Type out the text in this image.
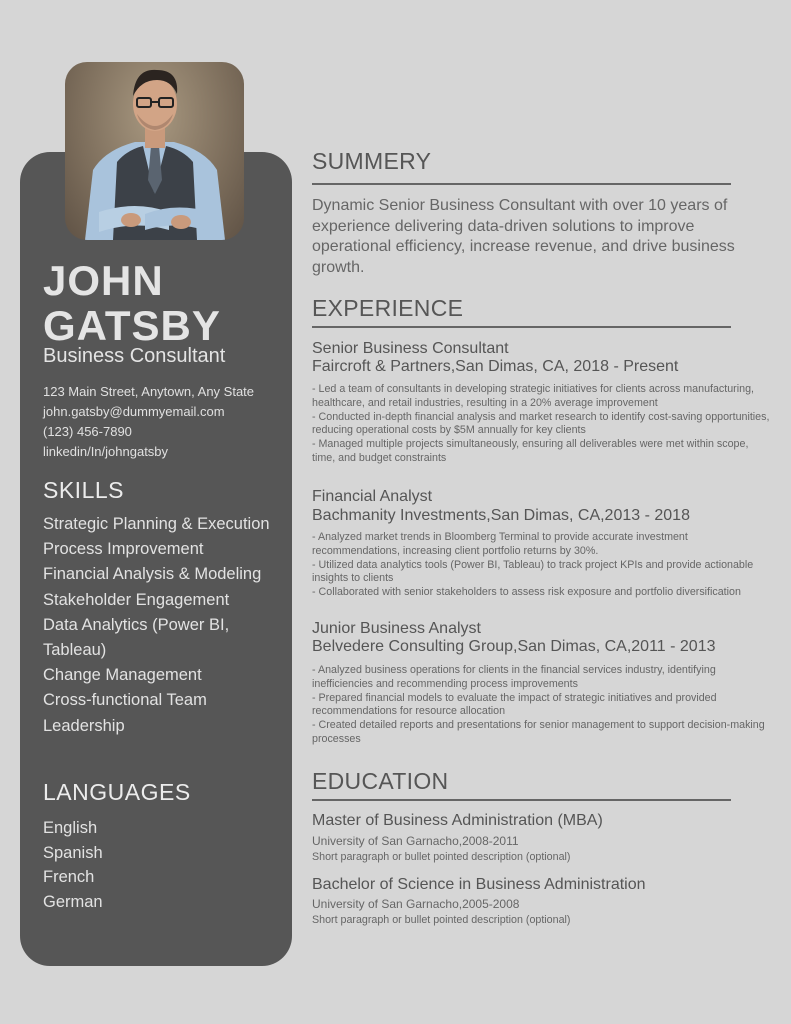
JOHN
GATSBY
Business Consultant
123 Main Street, Anytown, Any State
john.gatsby@dummyemail.com
(123) 456-7890
linkedin/In/johngatsby
SKILLS
Strategic Planning & Execution
Process Improvement
Financial Analysis & Modeling
Stakeholder Engagement
Data Analytics (Power BI, Tableau)
Change Management
Cross-functional Team Leadership
LANGUAGES
English
Spanish
French
German
SUMMERY
Dynamic Senior Business Consultant with over 10 years of experience delivering data-driven solutions to improve operational efficiency, increase revenue, and drive business growth.
EXPERIENCE
Senior Business Consultant
Faircroft & Partners,San Dimas, CA, 2018 - Present
- Led a team of consultants in developing strategic initiatives for clients across manufacturing, healthcare, and retail industries, resulting in a 20% average improvement
- Conducted in-depth financial analysis and market research to identify cost-saving opportunities, reducing operational costs by $5M annually for key clients
- Managed multiple projects simultaneously, ensuring all deliverables were met within scope, time, and budget constraints
Financial Analyst
Bachmanity Investments,San Dimas, CA,2013 - 2018
- Analyzed market trends in Bloomberg Terminal to provide accurate investment recommendations, increasing client portfolio returns by 30%.
- Utilized data analytics tools (Power BI, Tableau) to track project KPIs and provide actionable insights to clients
- Collaborated with senior stakeholders to assess risk exposure and portfolio diversification
Junior Business Analyst
Belvedere Consulting Group,San Dimas, CA,2011 - 2013
- Analyzed business operations for clients in the financial services industry, identifying inefficiencies and recommending process improvements
- Prepared financial models to evaluate the impact of strategic initiatives and provided recommendations for resource allocation
- Created detailed reports and presentations for senior management to support decision-making processes
EDUCATION
Master of Business Administration (MBA)
University of San Garnacho,2008-2011
Short paragraph or bullet pointed description (optional)
Bachelor of Science in Business Administration
University of San Garnacho,2005-2008
Short paragraph or bullet pointed description (optional)
